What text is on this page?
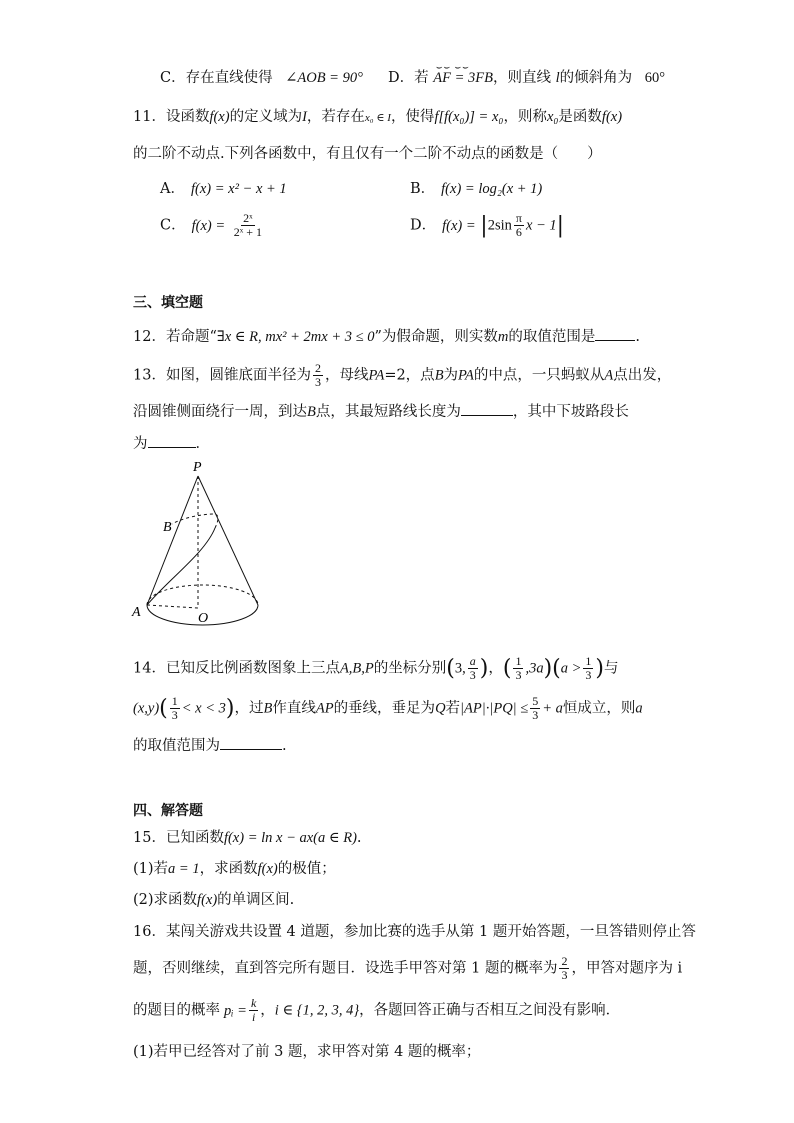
C．存在直线使得 ∠AOB = 90° D．若
⌣⌣ ⌣⌣
AF = 3FB，则直线 l的倾斜角为 60°
11．设函数f(x)的定义域为I，若存在x₀ ∈ I，使得f[f(x₀)] = x₀，则称x₀是函数f(x)
的二阶不动点.下列各函数中，有且仅有一个二阶不动点的函数是（　　）
A． f(x) = x² − x + 1	B． f(x) = log₂(x + 1)
C． $f(x) = \frac{\text{2ˣ}}{\text{2ˣ + 1}}$	D． $f(x) = |2\sin \frac{\pi}{6}$ x − 1|
三、填空题
12．若命题“∃x ∈ R, mx² + 2mx + 3 ≤ 0”为假命题，则实数m的取值范围是	.
13．如图，圆锥底面半径为 $\frac{2}{3}$ ，母线PA=2，点B为PA的中点，一只蚂蚁从A点出发，
沿圆锥侧面绕行一周，到达B点，其最短路线长度为	，其中下坡路段长
为	．
P
B
A	O
14．已知反比例函数图象上三点A,B,P的坐标分别(3, $\frac{a}{3}$ )，( $\frac{1}{3} ,3a)(a > \frac{1}{3}$ )与
$(x,y)( \frac{1}{3} < x < 3)$，过B作直线AP的垂线，垂足为Q若$|AP|\cdot|PQ| \le \frac{5}{3} + a$恒成立，则a
的取值范围为	.
四、解答题
15．已知函数f(x) = ln x − ax(a ∈ R).
(1)若a = 1，求函数f(x)的极值；
(2)求函数f(x)的单调区间.
16．某闯关游戏共设置 4 道题，参加比赛的选手从第 1 题开始答题，一旦答错则停止答
题，否则继续，直到答完所有题目．设选手甲答对第 1 题的概率为 $\frac{2}{3}$ ，甲答对题序为 i
的题目的概率 pᵢ = $\frac{k}{i}$ ，i ∈ {1, 2, 3, 4}，各题回答正确与否相互之间没有影响．
(1)若甲已经答对了前 3 题，求甲答对第 4 题的概率；
